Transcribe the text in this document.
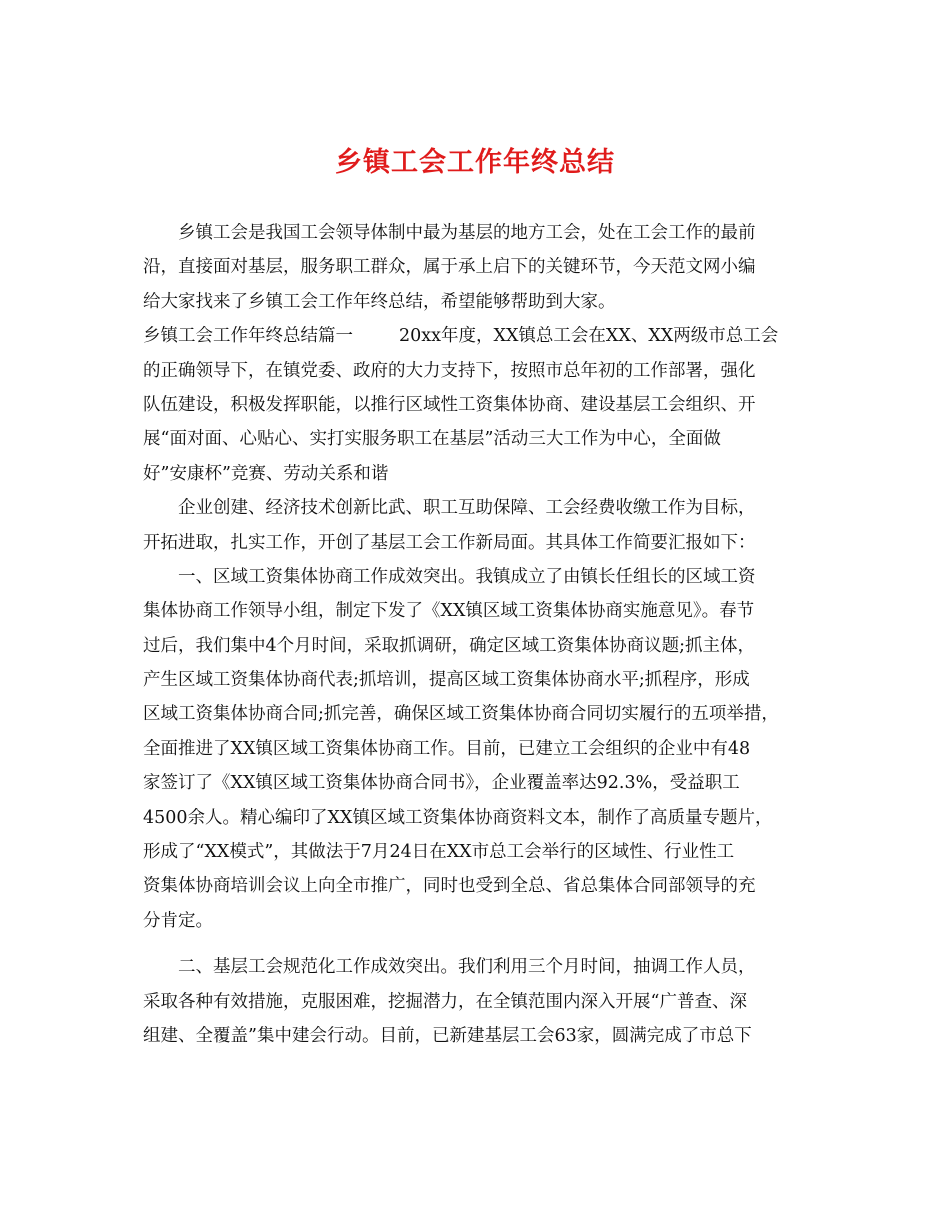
乡镇工会工作年终总结
乡镇工会是我国工会领导体制中最为基层的地方工会，处在工会工作的最前
沿，直接面对基层，服务职工群众，属于承上启下的关键环节，今天范文网小编
给大家找来了乡镇工会工作年终总结，希望能够帮助到大家。
乡镇工会工作年终总结篇一	20xx年度，XX镇总工会在XX、XX两级市总工会
的正确领导下，在镇党委、政府的大力支持下，按照市总年初的工作部署，强化
队伍建设，积极发挥职能，以推行区域性工资集体协商、建设基层工会组织、开
展“面对面、心贴心、实打实服务职工在基层”活动三大工作为中心，全面做
好”安康杯”竞赛、劳动关系和谐
企业创建、经济技术创新比武、职工互助保障、工会经费收缴工作为目标，
开拓进取，扎实工作，开创了基层工会工作新局面。其具体工作简要汇报如下：
一、区域工资集体协商工作成效突出。我镇成立了由镇长任组长的区域工资
集体协商工作领导小组，制定下发了《XX镇区域工资集体协商实施意见》。春节
过后，我们集中4个月时间，采取抓调研，确定区域工资集体协商议题;抓主体，
产生区域工资集体协商代表;抓培训，提高区域工资集体协商水平;抓程序，形成
区域工资集体协商合同;抓完善，确保区域工资集体协商合同切实履行的五项举措，
全面推进了XX镇区域工资集体协商工作。目前，已建立工会组织的企业中有48
家签订了《XX镇区域工资集体协商合同书》，企业覆盖率达92.3%，受益职工
4500余人。精心编印了XX镇区域工资集体协商资料文本，制作了高质量专题片，
形成了“XX模式”，其做法于7月24日在XX市总工会举行的区域性、行业性工
资集体协商培训会议上向全市推广，同时也受到全总、省总集体合同部领导的充
分肯定。
二、基层工会规范化工作成效突出。我们利用三个月时间，抽调工作人员，
采取各种有效措施，克服困难，挖掘潜力，在全镇范围内深入开展“广普查、深
组建、全覆盖”集中建会行动。目前，已新建基层工会63家，圆满完成了市总下
